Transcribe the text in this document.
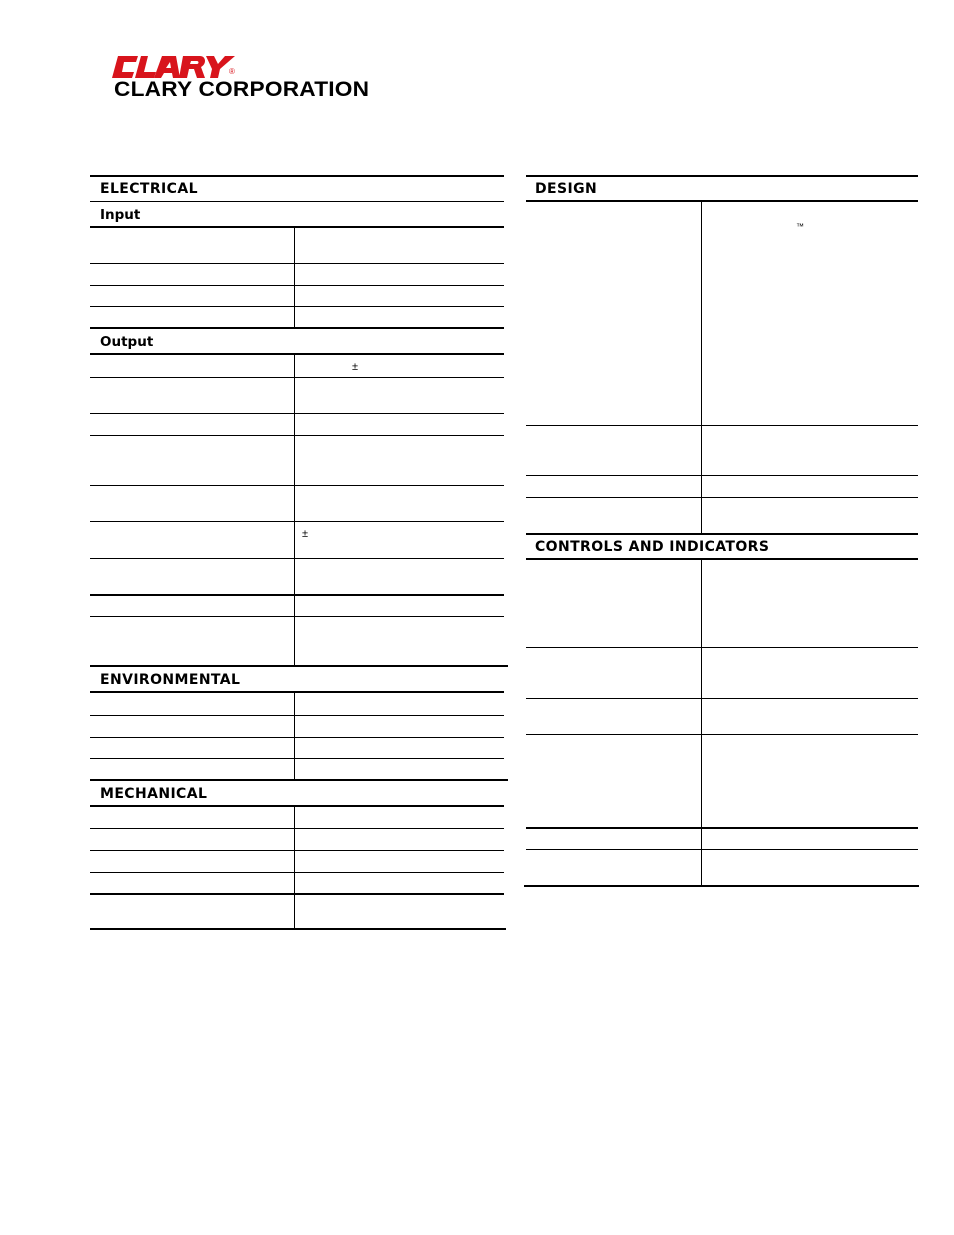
®
CLARY CORPORATION
ELECTRICAL
Input
Output
±
±
ENVIRONMENTAL
MECHANICAL
DESIGN
™
CONTROLS AND INDICATORS
